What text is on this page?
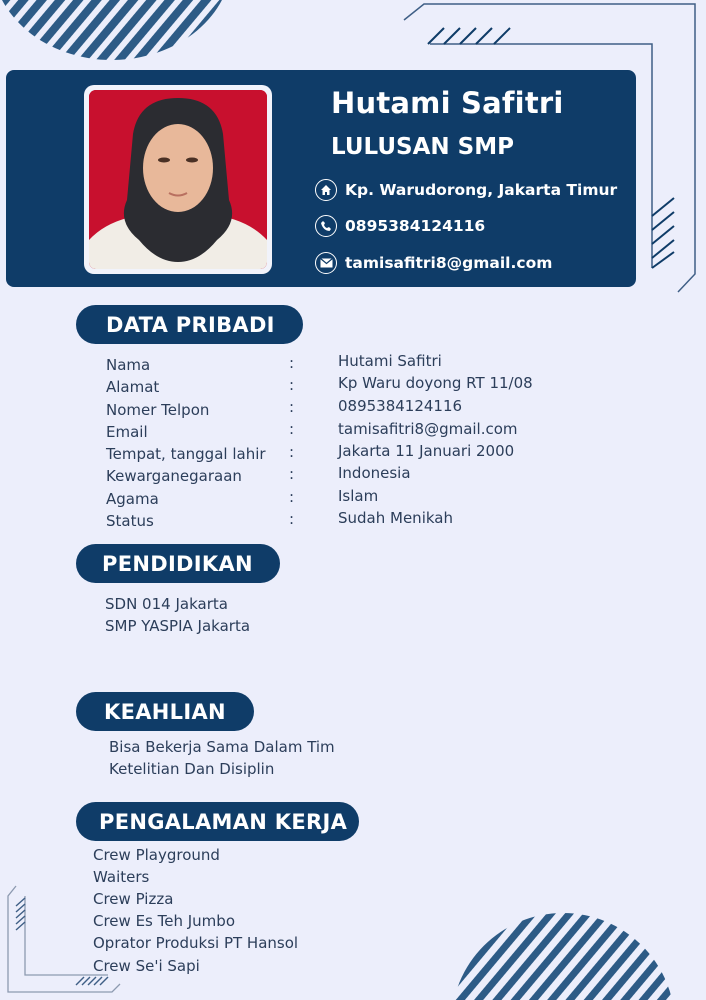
Hutami Safitri
LULUSAN SMP
Kp. Warudorong, Jakarta Timur
0895384124116
tamisafitri8@gmail.com
DATA PRIBADI
Nama	:	Hutami Safitri
Alamat	:	Kp Waru doyong RT 11/08
Nomer Telpon	:	0895384124116
Email	:	tamisafitri8@gmail.com
Tempat, tanggal lahir :	Jakarta 11 Januari 2000
Kewarganegaraan	:	Indonesia
Agama	:	Islam
Status	:	Sudah Menikah
PENDIDIKAN
SDN 014 Jakarta
SMP YASPIA Jakarta
KEAHLIAN
Bisa Bekerja Sama Dalam Tim
Ketelitian Dan Disiplin
PENGALAMAN KERJA
Crew Playground
Waiters
Crew Pizza
Crew Es Teh Jumbo
Oprator Produksi PT Hansol
Crew Se'i Sapi
